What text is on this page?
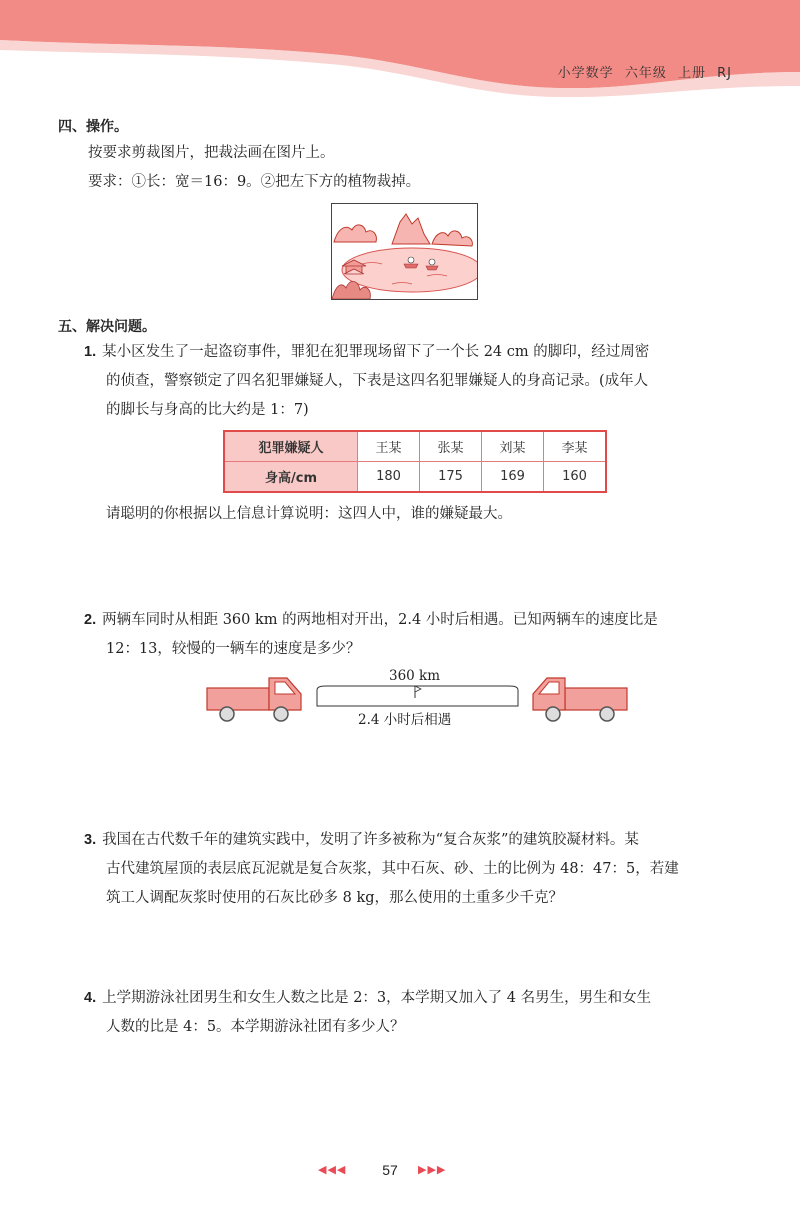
小学数学 六年级 上册 RJ
四、操作。
按要求剪裁图片，把裁法画在图片上。
要求：①长：宽＝16：9。②把左下方的植物裁掉。
五、解决问题。
1. 某小区发生了一起盗窃事件，罪犯在犯罪现场留下了一个长 24 cm 的脚印，经过周密
的侦查，警察锁定了四名犯罪嫌疑人，下表是这四名犯罪嫌疑人的身高记录。(成年人
的脚长与身高的比大约是 1：7)
犯罪嫌疑人	王某	张某	刘某	李某
身高/cm	180	175	169	160
请聪明的你根据以上信息计算说明：这四人中，谁的嫌疑最大。
2. 两辆车同时从相距 360 km 的两地相对开出，2.4 小时后相遇。已知两辆车的速度比是
12：13，较慢的一辆车的速度是多少？
360 km
2.4 小时后相遇
3. 我国在古代数千年的建筑实践中，发明了许多被称为“复合灰浆”的建筑胶凝材料。某
古代建筑屋顶的表层底瓦泥就是复合灰浆，其中石灰、砂、土的比例为 48：47：5，若建
筑工人调配灰浆时使用的石灰比砂多 8 kg，那么使用的土重多少千克？
4. 上学期游泳社团男生和女生人数之比是 2：3，本学期又加入了 4 名男生，男生和女生
人数的比是 4：5。本学期游泳社团有多少人？
◀◀◀	57	▶▶▶
